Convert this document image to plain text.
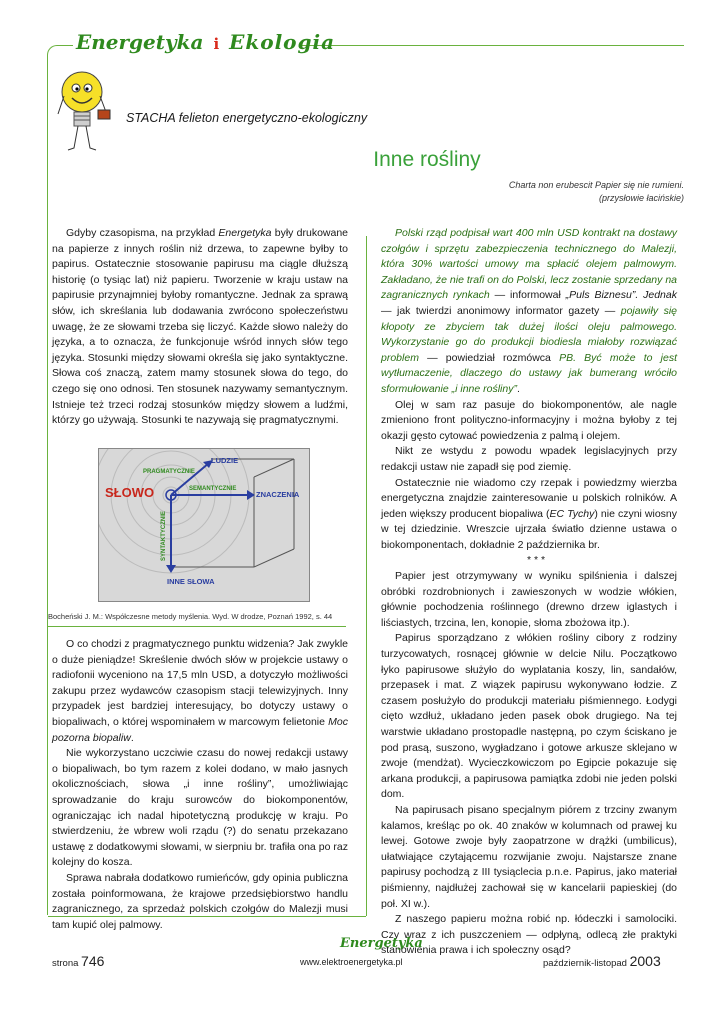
Energetyka i Ekologia
STACHA felieton energetyczno-ekologiczny
Inne rośliny
Charta non erubescit Papier się nie rumieni.
(przysłowie łacińskie)

Gdyby czasopisma, na przykład Energetyka były drukowane na papierze z innych roślin niż drzewa, to zapewne byłby to papirus. Ostatecznie stosowanie papirusu ma ciągle dłuższą historię (o tysiąc lat) niż papieru. Tworzenie w kraju ustaw na papirusie przynajmniej byłoby romantyczne. Jednak za sprawą słów, ich skreślania lub dodawania zwrócono społeczeństwu uwagę, że ze słowami trzeba się liczyć. Każde słowo należy do języka, a to oznacza, że funkcjonuje wśród innych słów tego języka. Stosunki między słowami określa się jako syntaktyczne. Słowa coś znaczą, zatem mamy stosunek słowa do tego, do czego się ono odnosi. Ten stosunek nazywamy semantycznym. Istnieje też trzeci rodzaj stosunków między słowem a ludźmi, którzy go używają. Stosunki te nazywają się pragmatycznymi.

SŁOWO
LUDZIE
ZNACZENIA
INNE SŁOWA
PRAGMATYCZNIE
SEMANTYCZNIE
SYNTAKTYCZNIE
Bocheński J. M.: Współczesne metody myślenia. Wyd. W drodze, Poznań 1992, s. 44

O co chodzi z pragmatycznego punktu widzenia? Jak zwykle o duże pieniądze! Skreślenie dwóch słów w projekcie ustawy o radiofonii wyceniono na 17,5 mln USD, a dotyczyło możliwości zakupu przez wydawców czasopism stacji telewizyjnych. Inny przypadek jest bardziej interesujący, bo dotyczy ustawy o biopaliwach, o której wspominałem w marcowym felietonie Moc pozorna biopaliw.

Nie wykorzystano uczciwie czasu do nowej redakcji ustawy o biopaliwach, bo tym razem z kolei dodano, w mało jasnych okolicznościach, słowa „i inne rośliny”, umożliwiając sprowadzanie do kraju surowców do biokomponentów, ograniczając ich nadal hipotetyczną produkcję w kraju. Po stwierdzeniu, że wbrew woli rządu (?) do senatu przekazano ustawę z dodatkowymi słowami, w sierpniu br. trafiła ona po raz kolejny do kosza.

Sprawa nabrała dodatkowo rumieńców, gdy opinia publiczna została poinformowana, że krajowe przedsiębiorstwo handlu zagranicznego, za sprzedaż polskich czołgów do Malezji musi tam kupić olej palmowy.

Polski rząd podpisał wart 400 mln USD kontrakt na dostawy czołgów i sprzętu zabezpieczenia technicznego do Malezji, która 30% wartości umowy ma spłacić olejem palmowym. Zakładano, że nie trafi on do Polski, lecz zostanie sprzedany na zagranicznych rynkach — informował „Puls Biznesu”. Jednak — jak twierdzi anonimowy informator gazety — pojawiły się kłopoty ze zbyciem tak dużej ilości oleju palmowego. Wykorzystanie go do produkcji biodiesla miałoby rozwiązać problem — powiedział rozmówca PB. Być może to jest wytłumaczenie, dlaczego do ustawy jak bumerang wróciło sformułowanie „i inne rośliny”.

Olej w sam raz pasuje do biokomponentów, ale nagle zmieniono front polityczno-informacyjny i można byłoby z tej okazji gęsto cytować powiedzenia z palmą i olejem.

Nikt ze wstydu z powodu wpadek legislacyjnych przy redakcji ustaw nie zapadł się pod ziemię.

Ostatecznie nie wiadomo czy rzepak i powiedzmy wierzba energetyczna znajdzie zainteresowanie u polskich rolników. A jeden większy producent biopaliwa (EC Tychy) nie czyni wiosny w tej dziedzinie. Wreszcie ujrzała światło dzienne ustawa o biokomponentach, dokładnie 2 października br.

* * *

Papier jest otrzymywany w wyniku spilśnienia i dalszej obróbki rozdrobnionych i zawieszonych w wodzie włókien, głównie pochodzenia roślinnego (drewno drzew iglastych i liściastych, trzcina, len, konopie, słoma zbożowa itp.).

Papirus sporządzano z włókien rośliny cibory z rodziny turzycowatych, rosnącej głównie w delcie Nilu. Początkowo łyko papirusowe służyło do wyplatania koszy, lin, sandałów, przepasek i mat. Z wiązek papirusu wykonywano łodzie. Z czasem posłużyło do produkcji materiału piśmiennego. Łodygi cięto wzdłuż, układano jeden pasek obok drugiego. Na tej warstwie układano prostopadle następną, po czym ściskano je pod prasą, suszono, wygładzano i gotowe arkusze sklejano w zwoje (mendżat). Wycieczkowiczom po Egipcie pokazuje się arkana produkcji, a papirusowa pamiątka zdobi nie jeden polski dom.

Na papirusach pisano specjalnym piórem z trzciny zwanym kalamos, kreśląc po ok. 40 znaków w kolumnach od prawej ku lewej. Gotowe zwoje były zaopatrzone w drążki (umbilicus), ułatwiające czytającemu rozwijanie zwoju. Najstarsze znane papirusy pochodzą z III tysiąclecia p.n.e. Papirus, jako materiał piśmienny, najdłużej zachował się w kancelarii papieskiej (do poł. XI w.).

Z naszego papieru można robić np. łódeczki i samolociki. Czy wraz z ich puszczeniem — odpłyną, odlecą złe praktyki stanowienia prawa i ich społeczny osąd?

strona 746
Energetyka
www.elektroenergetyka.pl	październik-listopad 2003
